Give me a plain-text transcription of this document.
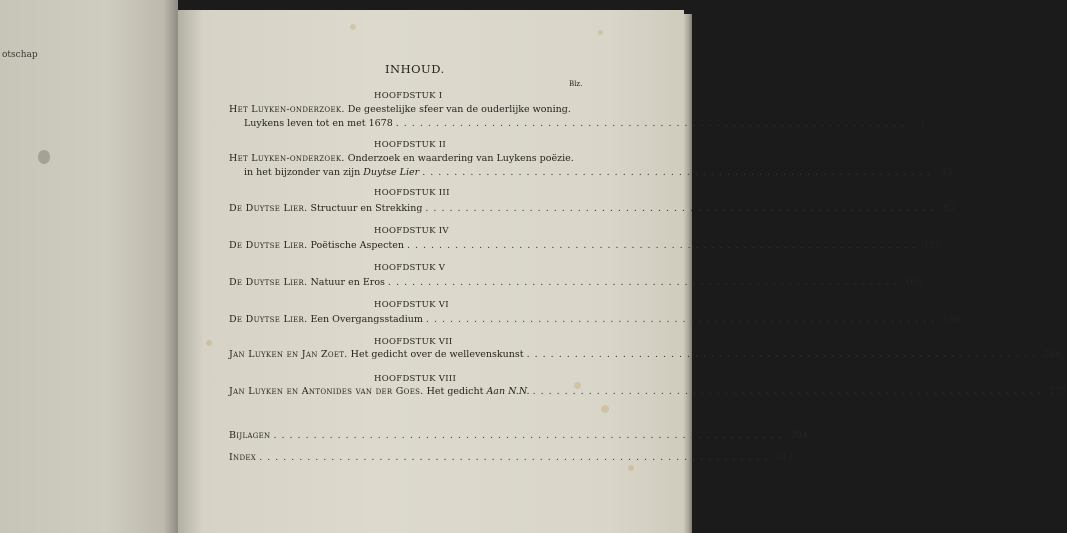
otschap
INHOUD.
Blz.
HOOFDSTUK I
Het Luyken-onderzoek.
De geestelijke sfeer van de ouderlijke woning.
Luykens leven tot en met 1678 ................................................................	1
HOOFDSTUK II
Het Luyken-onderzoek.
Onderzoek en waardering van Luykens poëzie.
in het bijzonder van zijn
Duytse Lier ................................................................ 43
HOOFDSTUK III
De Duytse Lier.
Structuur en Strekking ................................................................ 82
HOOFDSTUK IV
De Duytse Lier.
Poëtische Aspecten ................................................................ 125
HOOFDSTUK V
De Duytse Lier.
Natuur en Eros ................................................................ 165
HOOFDSTUK VI
De Duytse Lier.
Een Overgangsstadium ................................................................ 196
HOOFDSTUK VII
Jan Luyken en Jan Zoet.
Het gedicht over de wellevenskunst ................................................................ 236
HOOFDSTUK VIII
Jan Luyken en Antonides van der Goes.
Het gedicht
Aan N.N. ................................................................ 272
Bijlagen ................................................................ 304
Index ................................................................ 313
